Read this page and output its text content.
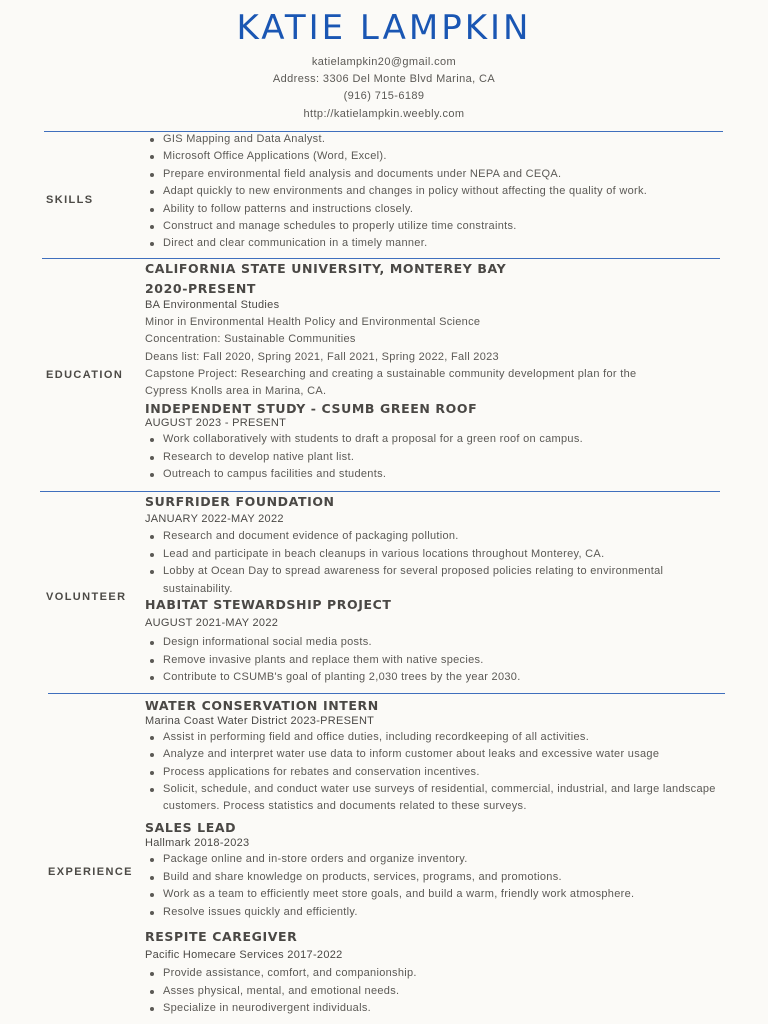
KATIE LAMPKIN
katielampkin20@gmail.com
Address: 3306 Del Monte Blvd Marina, CA
(916) 715-6189
http://katielampkin.weebly.com
SKILLS
EDUCATION
VOLUNTEER
EXPERIENCE
GIS Mapping and Data Analyst.
Microsoft Office Applications (Word, Excel).
Prepare environmental field analysis and documents under NEPA and CEQA.
Adapt quickly to new environments and changes in policy without affecting the quality of work.
Ability to follow patterns and instructions closely.
Construct and manage schedules to properly utilize time constraints.
Direct and clear communication in a timely manner.
CALIFORNIA STATE UNIVERSITY, MONTEREY BAY
2020-PRESENT
BA Environmental Studies
Minor in Environmental Health Policy and Environmental Science
Concentration: Sustainable Communities
Deans list: Fall 2020, Spring 2021, Fall 2021, Spring 2022, Fall 2023
Capstone Project: Researching and creating a sustainable community development plan for the
Cypress Knolls area in Marina, CA.
INDEPENDENT STUDY - CSUMB GREEN ROOF
AUGUST 2023 - PRESENT
Work collaboratively with students to draft a proposal for a green roof on campus.
Research to develop native plant list.
Outreach to campus facilities and students.
SURFRIDER FOUNDATION
JANUARY 2022-MAY 2022
Research and document evidence of packaging pollution.
Lead and participate in beach cleanups in various locations throughout Monterey, CA.
Lobby at Ocean Day to spread awareness for several proposed policies relating to environmental sustainability.
HABITAT STEWARDSHIP PROJECT
AUGUST 2021-MAY 2022
Design informational social media posts.
Remove invasive plants and replace them with native species.
Contribute to CSUMB's goal of planting 2,030 trees by the year 2030.
WATER CONSERVATION INTERN
Marina Coast Water District 2023-PRESENT
Assist in performing field and office duties, including recordkeeping of all activities.
Analyze and interpret water use data to inform customer about leaks and excessive water usage
Process applications for rebates and conservation incentives.
Solicit, schedule, and conduct water use surveys of residential, commercial, industrial, and large landscape customers. Process statistics and documents related to these surveys.
SALES LEAD
Hallmark 2018-2023
Package online and in-store orders and organize inventory.
Build and share knowledge on products, services, programs, and promotions.
Work as a team to efficiently meet store goals, and build a warm, friendly work atmosphere.
Resolve issues quickly and efficiently.
RESPITE CAREGIVER
Pacific Homecare Services 2017-2022
Provide assistance, comfort, and companionship.
Asses physical, mental, and emotional needs.
Specialize in neurodivergent individuals.
